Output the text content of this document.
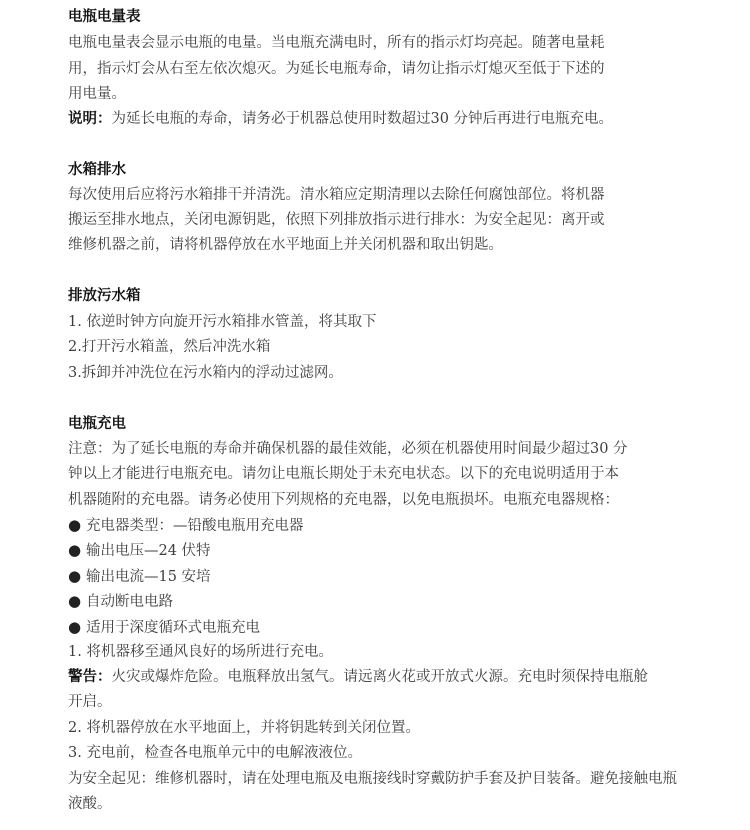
电瓶电量表
电瓶电量表会显示电瓶的电量。当电瓶充满电时，所有的指示灯均亮起。随著电量耗
用，指示灯会从右至左依次熄灭。为延长电瓶寿命，请勿让指示灯熄灭至低于下述的
用电量。
说明：为延长电瓶的寿命，请务必于机器总使用时数超过30 分钟后再进行电瓶充电。
水箱排水
每次使用后应将污水箱排干并清洗。清水箱应定期清理以去除任何腐蚀部位。将机器
搬运至排水地点，关闭电源钥匙，依照下列排放指示进行排水：为安全起见：离开或
维修机器之前，请将机器停放在水平地面上并关闭机器和取出钥匙。
排放污水箱
1. 依逆时钟方向旋开污水箱排水管盖，将其取下
2.打开污水箱盖，然后冲洗水箱
3.拆卸并冲洗位在污水箱内的浮动过滤网。
电瓶充电
注意：为了延长电瓶的寿命并确保机器的最佳效能，必须在机器使用时间最少超过30 分
钟以上才能进行电瓶充电。请勿让电瓶长期处于未充电状态。以下的充电说明适用于本
机器随附的充电器。请务必使用下列规格的充电器，以免电瓶损坏。电瓶充电器规格：
● 充电器类型：—铅酸电瓶用充电器
● 输出电压—24 伏特
● 输出电流—15 安培
● 自动断电电路
● 适用于深度循环式电瓶充电
1. 将机器移至通风良好的场所进行充电。
警告：火灾或爆炸危险。电瓶释放出氢气。请远离火花或开放式火源。充电时须保持电瓶舱
开启。
2. 将机器停放在水平地面上，并将钥匙转到关闭位置。
3. 充电前，检查各电瓶单元中的电解液液位。
为安全起见：维修机器时，请在处理电瓶及电瓶接线时穿戴防护手套及护目装备。避免接触电瓶
液酸。
